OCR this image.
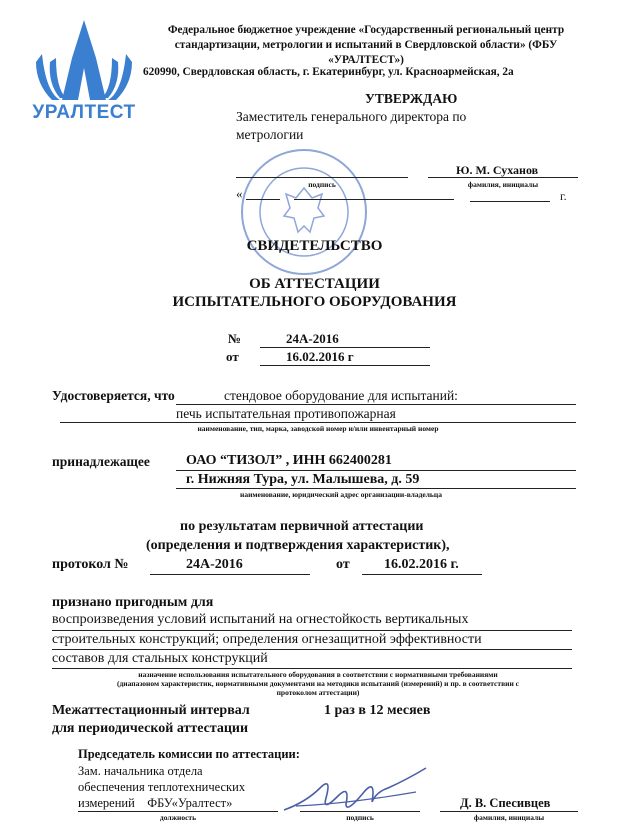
УРАЛТЕСТ
Федеральное бюджетное учреждение «Государственный региональный центр
стандартизации, метрологии и испытаний в Свердловской области» (ФБУ
«УРАЛТЕСТ»)
620990, Свердловская область, г. Екатеринбург, ул. Красноармейская, 2а
УТВЕРЖДАЮ
Заместитель генерального директора по
метрологии
подпись
Ю. М. Суханов
фамилия, инициалы
«	г.
СВИДЕТЕЛЬСТВО
ОБ АТТЕСТАЦИИ
ИСПЫТАТЕЛЬНОГО ОБОРУДОВАНИЯ
№	24А-2016
от	16.02.2016 г
Удостоверяется, что	стендовое оборудование для испытаний:
печь испытательная противопожарная
наименование, тип, марка, заводской номер и/или инвентарный номер
принадлежащее	ОАО “ТИЗОЛ” , ИНН 662400281
г. Нижняя Тура, ул. Малышева, д. 59
наименование, юридический адрес организации-владельца
по результатам первичной аттестации
(определения и подтверждения характеристик),
протокол №	24А-2016	от 16.02.2016 г.
признано пригодным для
воспроизведения условий испытаний на огнестойкость вертикальных
строительных конструкций; определения огнезащитной эффективности
составов для стальных конструкций
назначение использования испытательного оборудования в соответствии с нормативными требованиями
(диапазоном характеристик, нормативными документами на методики испытаний (измерений) и пр. в соответствии с
протоколом аттестации)
Межаттестационный интервал
для периодической аттестации
1 раз в 12 месяев
Председатель комиссии по аттестации:
Зам. начальника отдела
обеспечения теплотехнических
измерений    ФБУ«Уралтест»
должность	подпись
Д. В. Спесивцев
фамилия, инициалы
